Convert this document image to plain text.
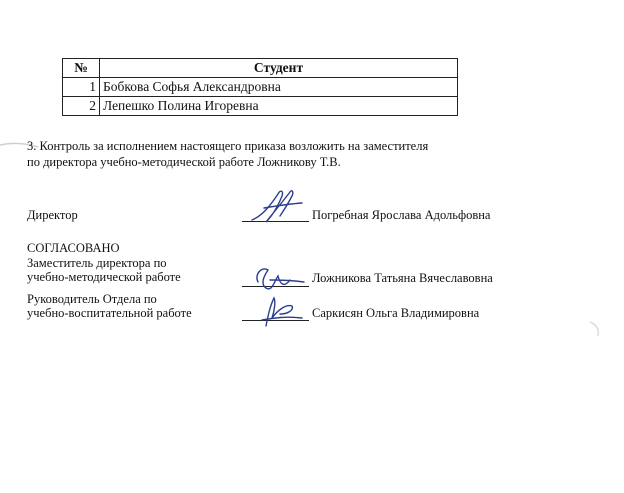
№	Студент
1	Бобкова Софья Александровна
2	Лепешко Полина Игоревна
3. Контроль за исполнением настоящего приказа возложить на заместителя
по директора учебно-методической работе Ложникову Т.В.
Директор	Погребная Ярослава Адольфовна
СОГЛАСОВАНО
Заместитель директора по
учебно-методической работе	Ложникова Татьяна Вячеславовна
Руководитель Отдела по
учебно-воспитательной работе	Саркисян Ольга Владимировна
